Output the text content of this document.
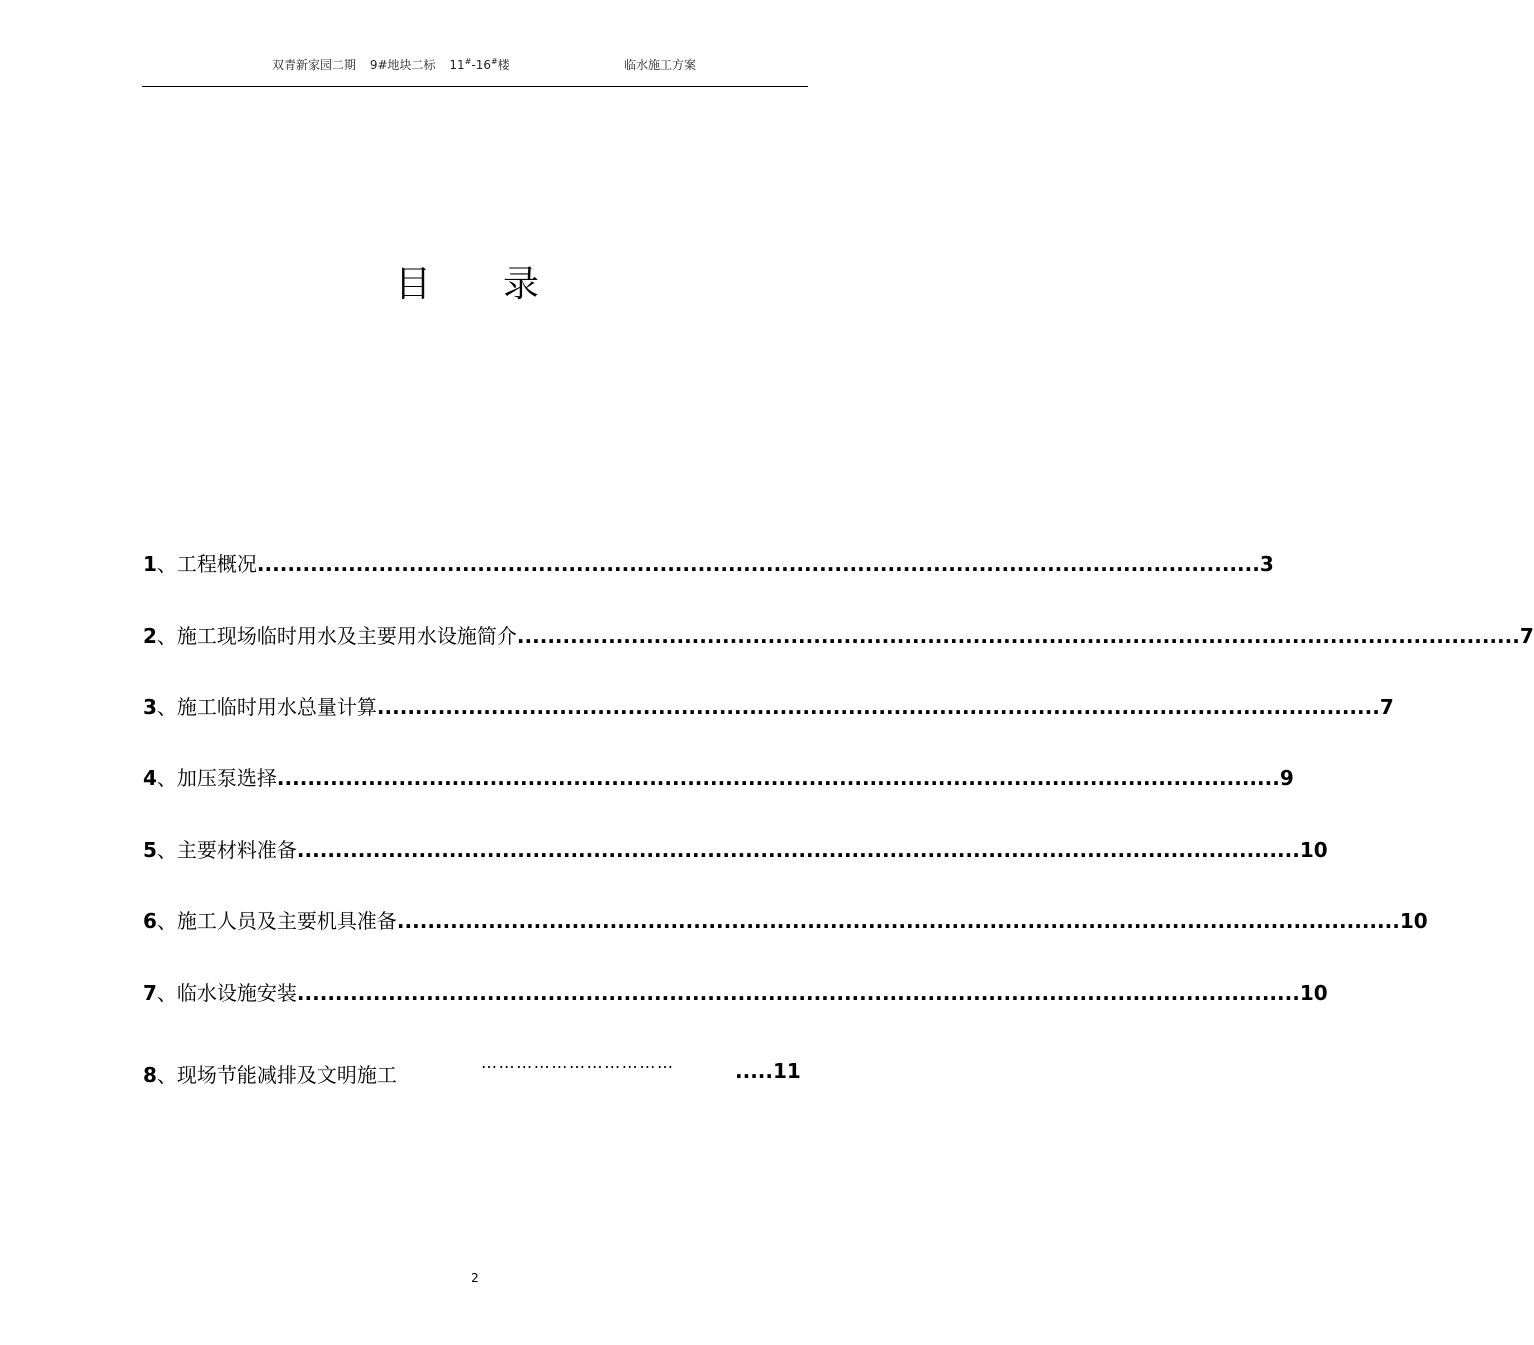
双青新家园二期 9#地块二标 11#-16#楼	临水施工方案
目 录
1 、工程概况 .................................................................................................................................... 3
2 、施工现场临时用水及主要用水设施简介 .................................................................................................................................... 7
3 、施工临时用水总量计算 .................................................................................................................................... 7
4 、加压泵选择 .................................................................................................................................... 9
5 、主要材料准备 .................................................................................................................................... 10
6 、施工人员及主要机具准备 .................................................................................................................................... 10
7 、临水设施安装 .................................................................................................................................... 10
8 、现场节能减排及文明施工
……………………………	.....11
2
